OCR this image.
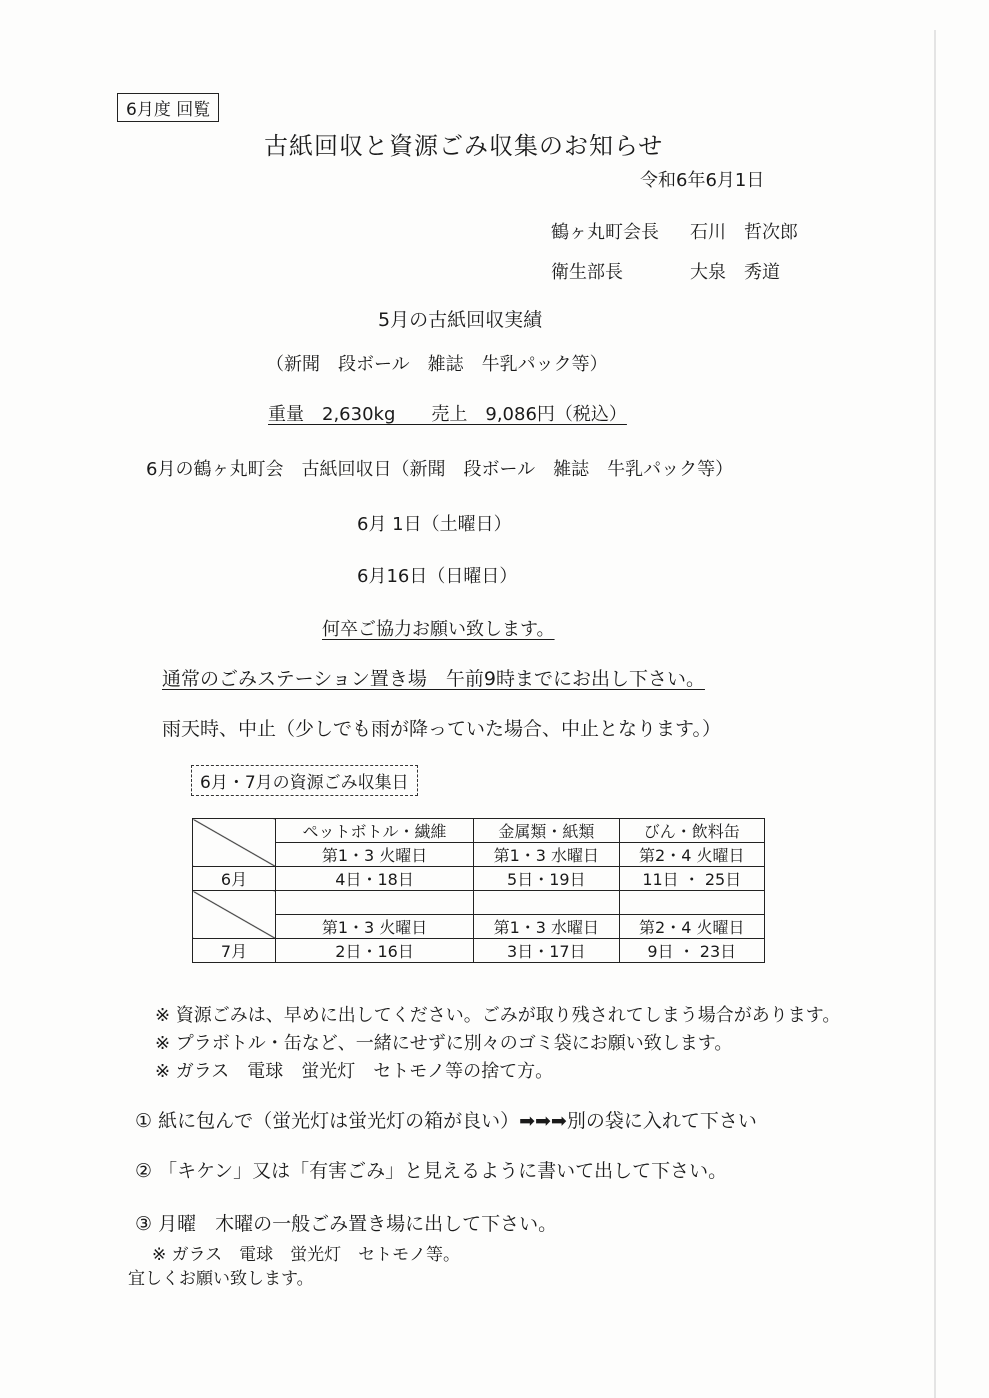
6月度 回覧
古紙回収と資源ごみ収集のお知らせ
令和6年6月1日
鶴ヶ丸町会長 石川　哲次郎
衛生部長	大泉　秀道
5月の古紙回収実績
（新聞　段ボール　雑誌　牛乳パック等）
重量　2,630kg　　売上　9,086円（税込）
6月の鶴ヶ丸町会　古紙回収日（新聞　段ボール　雑誌　牛乳パック等）
6月 1日（土曜日）
6月16日（日曜日）
何卒ご協力お願い致します。
通常のごみステーション置き場　午前9時までにお出し下さい。
雨天時、中止（少しでも雨が降っていた場合、中止となります。）
6月・7月の資源ごみ収集日
	ペットボトル・繊維	金属類・紙類	びん・飲料缶
	第1・3 火曜日	第1・3 水曜日	第2・4 火曜日
6月	4日・18日	5日・19日	11日 ・ 25日

	第1・3 火曜日	第1・3 水曜日	第2・4 火曜日
7月	2日・16日	3日・17日	9日 ・ 23日
※ 資源ごみは、早めに出してください。ごみが取り残されてしまう場合があります。
※ プラボトル・缶など、一緒にせずに別々のゴミ袋にお願い致します。
※ ガラス　電球　蛍光灯　セトモノ等の捨て方。
① 紙に包んで（蛍光灯は蛍光灯の箱が良い）➡➡➡別の袋に入れて下さい
② 「キケン」又は「有害ごみ」と見えるように書いて出して下さい。
③ 月曜　木曜の一般ごみ置き場に出して下さい。
※ ガラス　電球　蛍光灯　セトモノ等。
宜しくお願い致します。
